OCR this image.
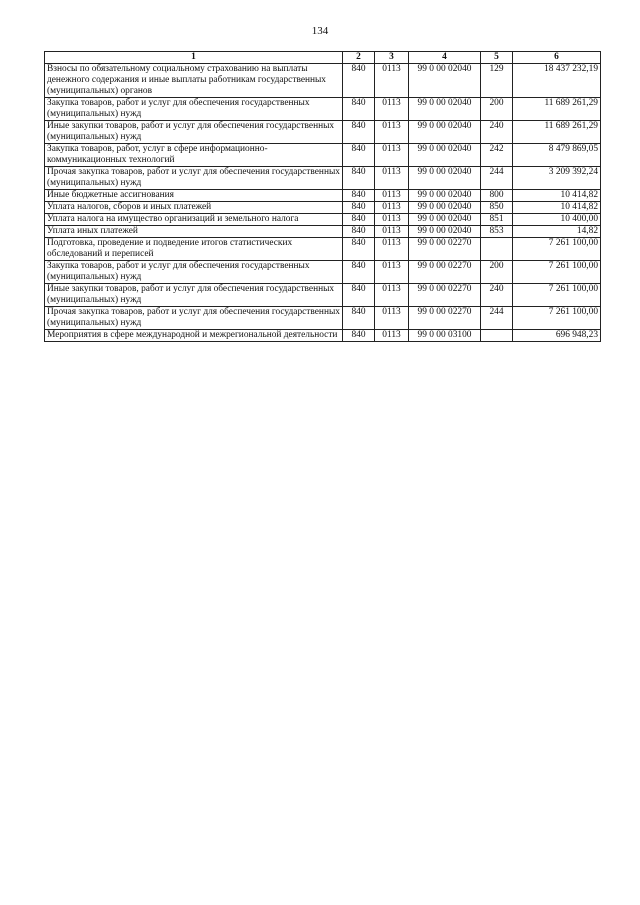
134
1	2	3	4	5	6
Взносы по обязательному социальному страхованию на выплаты денежного содержания и иные выплаты работникам государственных (муниципальных) органов	840	0113	99 0 00 02040	129	18 437 232,19
Закупка товаров, работ и услуг для обеспечения государственных (муниципальных) нужд	840	0113	99 0 00 02040	200	11 689 261,29
Иные закупки товаров, работ и услуг для обеспечения государственных (муниципальных) нужд	840	0113	99 0 00 02040	240	11 689 261,29
Закупка товаров, работ, услуг в сфере информационно-коммуникационных технологий	840	0113	99 0 00 02040	242	8 479 869,05
Прочая закупка товаров, работ и услуг для обеспечения государственных (муниципальных) нужд	840	0113	99 0 00 02040	244	3 209 392,24
Иные бюджетные ассигнования	840	0113	99 0 00 02040	800	10 414,82
Уплата налогов, сборов и иных платежей	840	0113	99 0 00 02040	850	10 414,82
Уплата налога на имущество организаций и земельного налога	840	0113	99 0 00 02040	851	10 400,00
Уплата иных платежей	840	0113	99 0 00 02040	853	14,82
Подготовка, проведение и подведение итогов статистических обследований и переписей	840	0113	99 0 00 02270		7 261 100,00
Закупка товаров, работ и услуг для обеспечения государственных (муниципальных) нужд	840	0113	99 0 00 02270	200	7 261 100,00
Иные закупки товаров, работ и услуг для обеспечения государственных (муниципальных) нужд	840	0113	99 0 00 02270	240	7 261 100,00
Прочая закупка товаров, работ и услуг для обеспечения государственных (муниципальных) нужд	840	0113	99 0 00 02270	244	7 261 100,00
Мероприятия в сфере международной и межрегиональной деятельности	840	0113	99 0 00 03100		696 948,23
